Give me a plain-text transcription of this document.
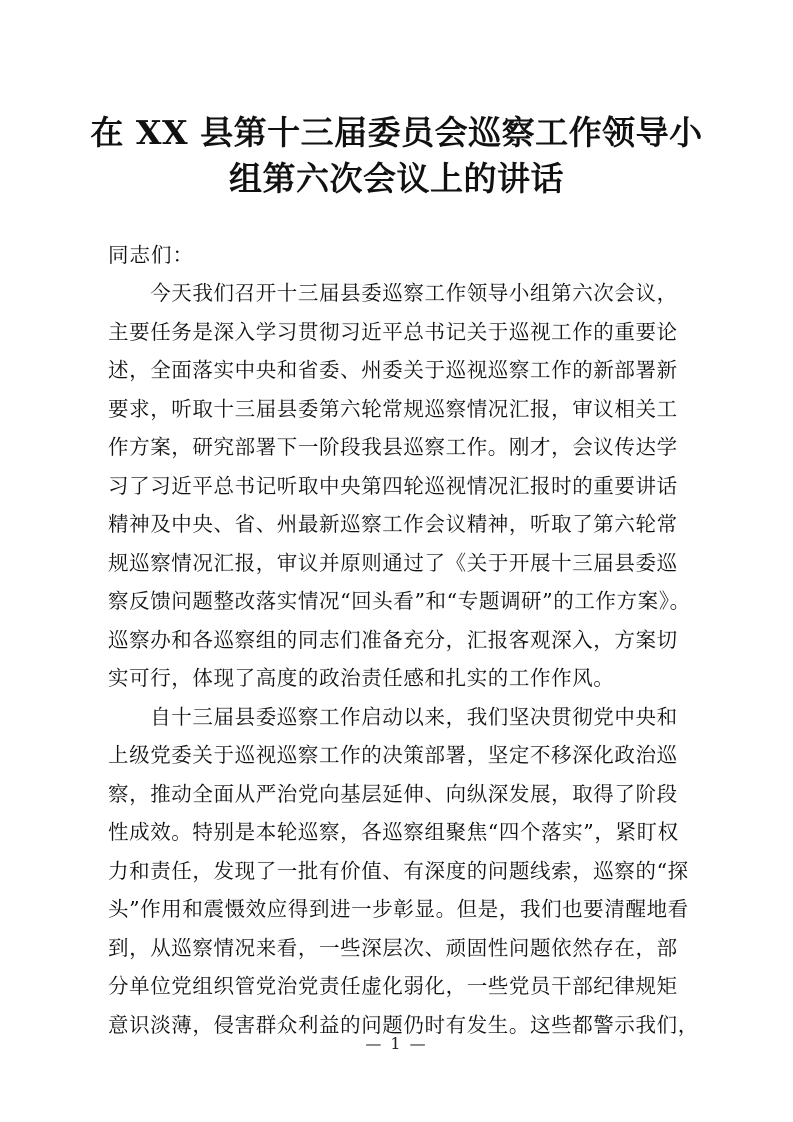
在 XX 县第十三届委员会巡察工作领导小
组第六次会议上的讲话
同志们：
　　今天我们召开十三届县委巡察工作领导小组第六次会议，
主要任务是深入学习贯彻习近平总书记关于巡视工作的重要论
述，全面落实中央和省委、州委关于巡视巡察工作的新部署新
要求，听取十三届县委第六轮常规巡察情况汇报，审议相关工
作方案，研究部署下一阶段我县巡察工作。刚才，会议传达学
习了习近平总书记听取中央第四轮巡视情况汇报时的重要讲话
精神及中央、省、州最新巡察工作会议精神，听取了第六轮常
规巡察情况汇报，审议并原则通过了《关于开展十三届县委巡
察反馈问题整改落实情况“回头看”和“专题调研”的工作方案》。
巡察办和各巡察组的同志们准备充分，汇报客观深入，方案切
实可行，体现了高度的政治责任感和扎实的工作作风。
　　自十三届县委巡察工作启动以来，我们坚决贯彻党中央和
上级党委关于巡视巡察工作的决策部署，坚定不移深化政治巡
察，推动全面从严治党向基层延伸、向纵深发展，取得了阶段
性成效。特别是本轮巡察，各巡察组聚焦“四个落实”，紧盯权
力和责任，发现了一批有价值、有深度的问题线索，巡察的“探
头”作用和震慑效应得到进一步彰显。但是，我们也要清醒地看
到，从巡察情况来看，一些深层次、顽固性问题依然存在，部
分单位党组织管党治党责任虚化弱化，一些党员干部纪律规矩
意识淡薄，侵害群众利益的问题仍时有发生。这些都警示我们，
— 1 —
